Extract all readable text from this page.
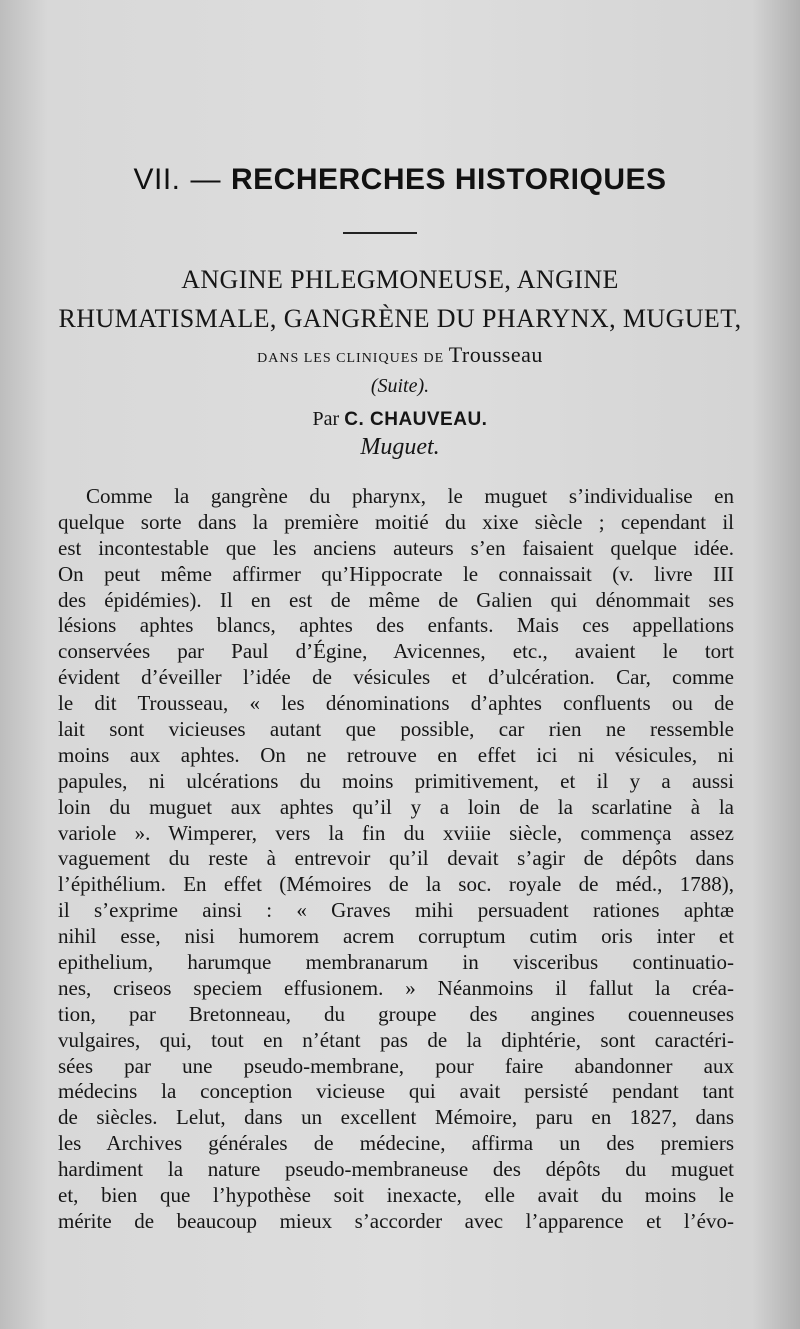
VII. — RECHERCHES HISTORIQUES
ANGINE PHLEGMONEUSE, ANGINE
RHUMATISMALE, GANGRÈNE DU PHARYNX, MUGUET,
DANS LES CLINIQUES DE Trousseau
(Suite).
Par C. CHAUVEAU.
Muguet.
Comme la gangrène du pharynx, le muguet s’individualise en
quelque sorte dans la première moitié du xixe siècle ; cependant il
est incontestable que les anciens auteurs s’en faisaient quelque idée.
On peut même affirmer qu’Hippocrate le connaissait (v. livre III
des épidémies). Il en est de même de Galien qui dénommait ses
lésions aphtes blancs, aphtes des enfants. Mais ces appellations
conservées par Paul d’Égine, Avicennes, etc., avaient le tort
évident d’éveiller l’idée de vésicules et d’ulcération. Car, comme
le dit Trousseau, « les dénominations d’aphtes confluents ou de
lait sont vicieuses autant que possible, car rien ne ressemble
moins aux aphtes. On ne retrouve en effet ici ni vésicules, ni
papules, ni ulcérations du moins primitivement, et il y a aussi
loin du muguet aux aphtes qu’il y a loin de la scarlatine à la
variole ». Wimperer, vers la fin du xviiie siècle, commença assez
vaguement du reste à entrevoir qu’il devait s’agir de dépôts dans
l’épithélium. En effet (Mémoires de la soc. royale de méd., 1788),
il s’exprime ainsi : « Graves mihi persuadent rationes aphtæ
nihil esse, nisi humorem acrem corruptum cutim oris inter et
epithelium, harumque membranarum in visceribus continuatio-
nes, criseos speciem effusionem. » Néanmoins il fallut la créa-
tion, par Bretonneau, du groupe des angines couenneuses
vulgaires, qui, tout en n’étant pas de la diphtérie, sont caractéri-
sées par une pseudo-membrane, pour faire abandonner aux
médecins la conception vicieuse qui avait persisté pendant tant
de siècles. Lelut, dans un excellent Mémoire, paru en 1827, dans
les Archives générales de médecine, affirma un des premiers
hardiment la nature pseudo-membraneuse des dépôts du muguet
et, bien que l’hypothèse soit inexacte, elle avait du moins le
mérite de beaucoup mieux s’accorder avec l’apparence et l’évo-
